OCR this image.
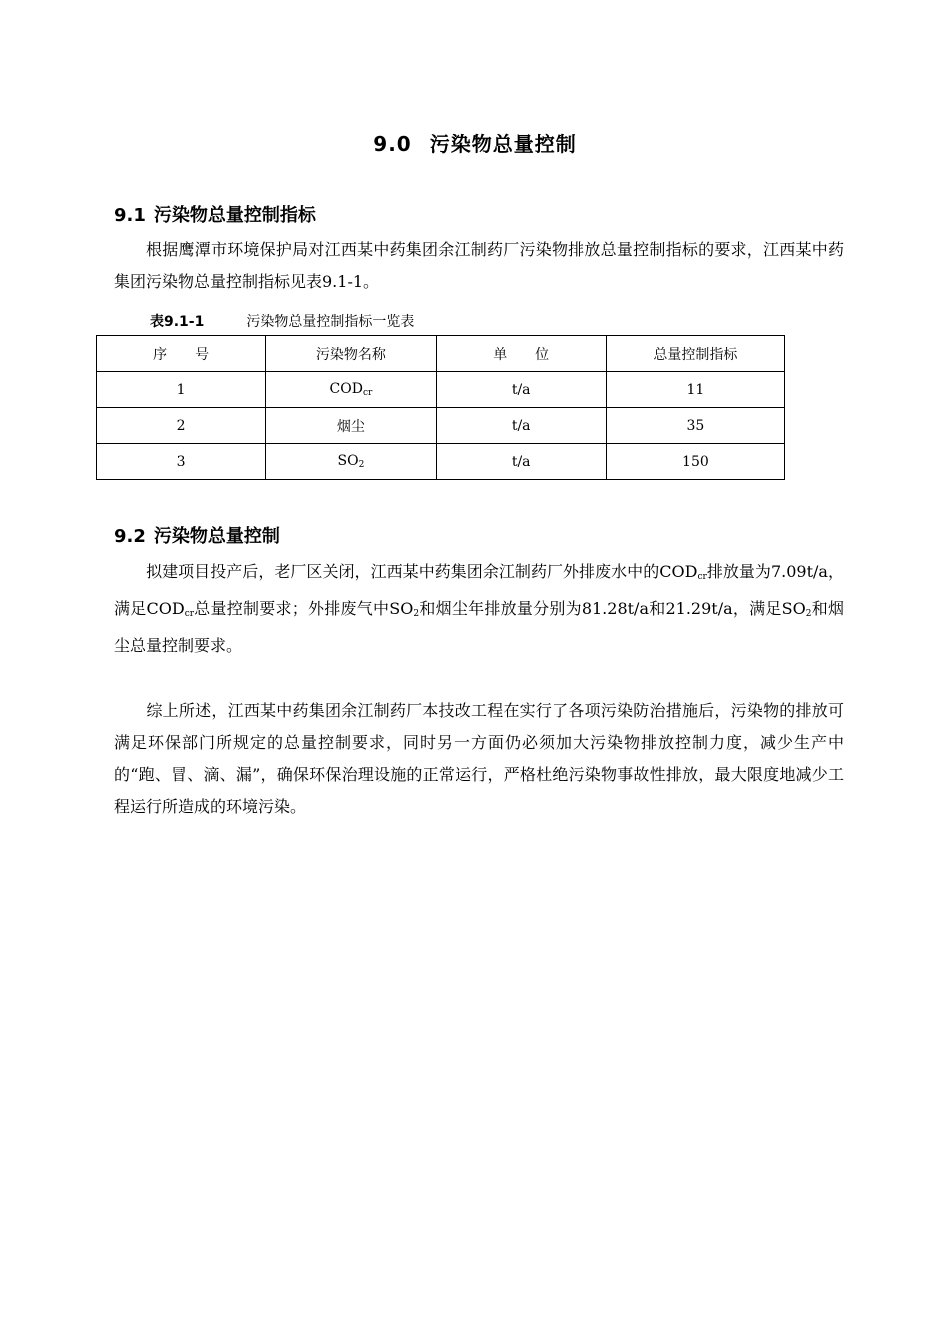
9.0 污染物总量控制
9.1 污染物总量控制指标

根据鹰潭市环境保护局对江西某中药集团余江制药厂污染物排放总量控制指标的要求，江西某中药集团污染物总量控制指标见表9.1-1。

表9.1-1	污染物总量控制指标一览表

序　　号	污染物名称	单　　位	总量控制指标
1	$COD_{cr}$	t/a	11
2	烟尘	t/a	35
3	$SO_2$	t/a	150
9.2 污染物总量控制

　　拟建项目投产后，老厂区关闭，江西某中药集团余江制药厂外排废水中的$COD_{cr}$排放量为7.09t/a，满足$COD_{cr}$总量控制要求；外排废气中$SO_2$和烟尘年排放量分别为81.28t/a和21.29t/a，满足$SO_2$和烟尘总量控制要求。

　　综上所述，江西某中药集团余江制药厂本技改工程在实行了各项污染防治措施后，污染物的排放可满足环保部门所规定的总量控制要求，同时另一方面仍必须加大污染物排放控制力度，减少生产中的“跑、冒、滴、漏”，确保环保治理设施的正常运行，严格杜绝污染物事故性排放，最大限度地减少工程运行所造成的环境污染。
